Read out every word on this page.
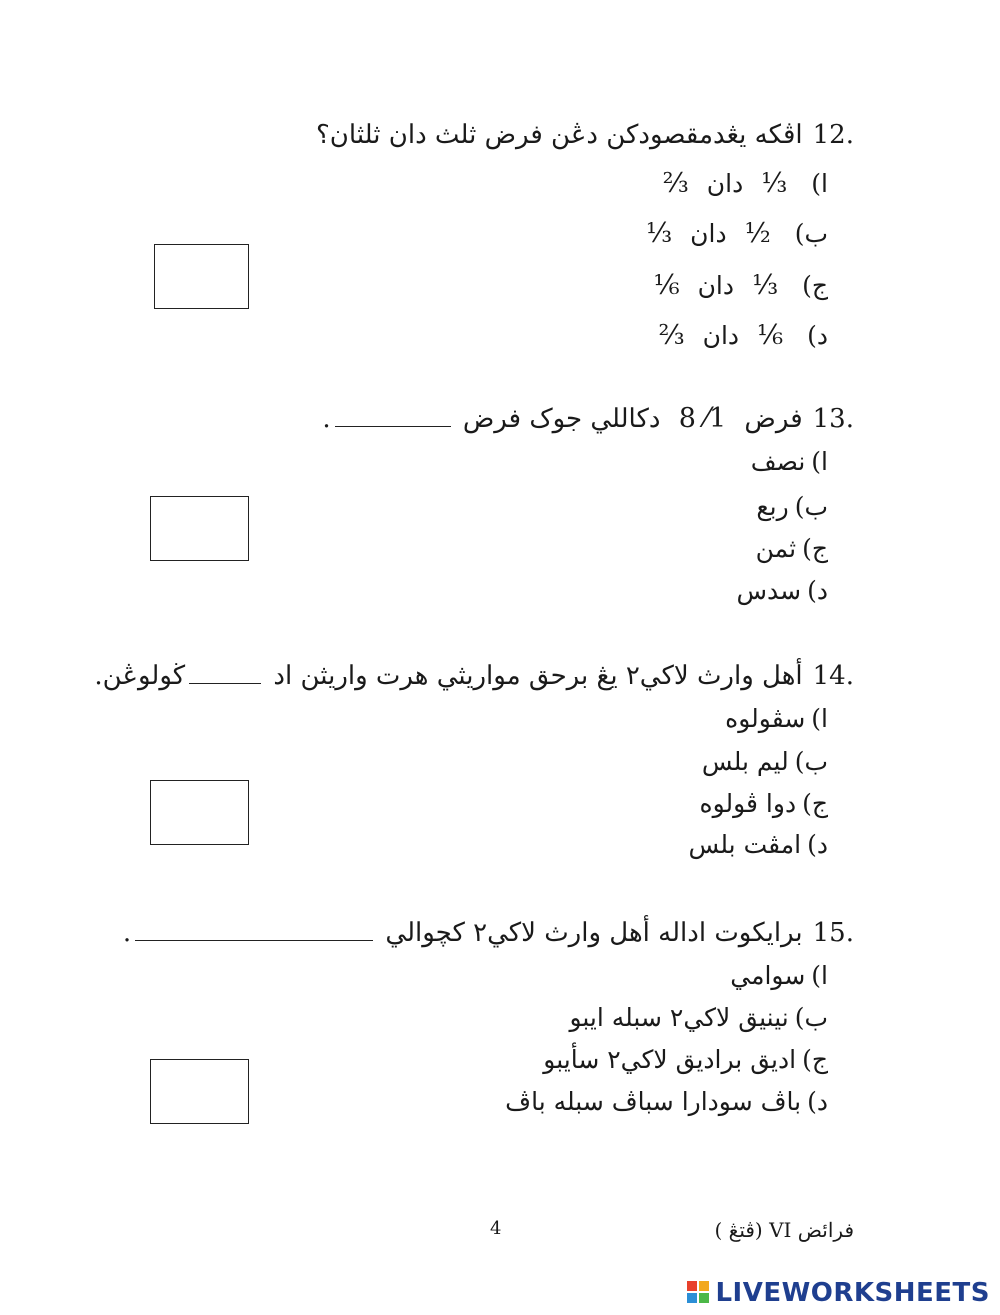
12.اڤکه يڠدمقصودکن دڠن فرض ثلث دان ثلثان؟
ا) ⅓ دان ⅔
ب) ½ دان ⅓
ج) ⅓ دان ⅙
د) ⅙ دان ⅔
13.فرض 8 ⁄1 دکاللي جوک فرض .
ا)نصف
ب)ربع
ج)ثمن
د)سدس
14.أهل وارث لاکي٢ يڠ برحق مواريثي هرت واريثن اد ڬولوڠن.
ا)سڤولوه
ب)ليم بلس
ج)دوا ڤولوه
د)امڤت بلس
15.برايکوت اداله أهل وارث لاکي٢ کچوالي .
ا)سوامي
ب)نينيق لاکي٢ سبله ايبو
ج)اديق براديق لاکي٢ سأيبو
د)باڤ سودارا سباڤ سبله باڤ
فرائض VI (ڤتڠ )
4
LIVEWORKSHEETS
